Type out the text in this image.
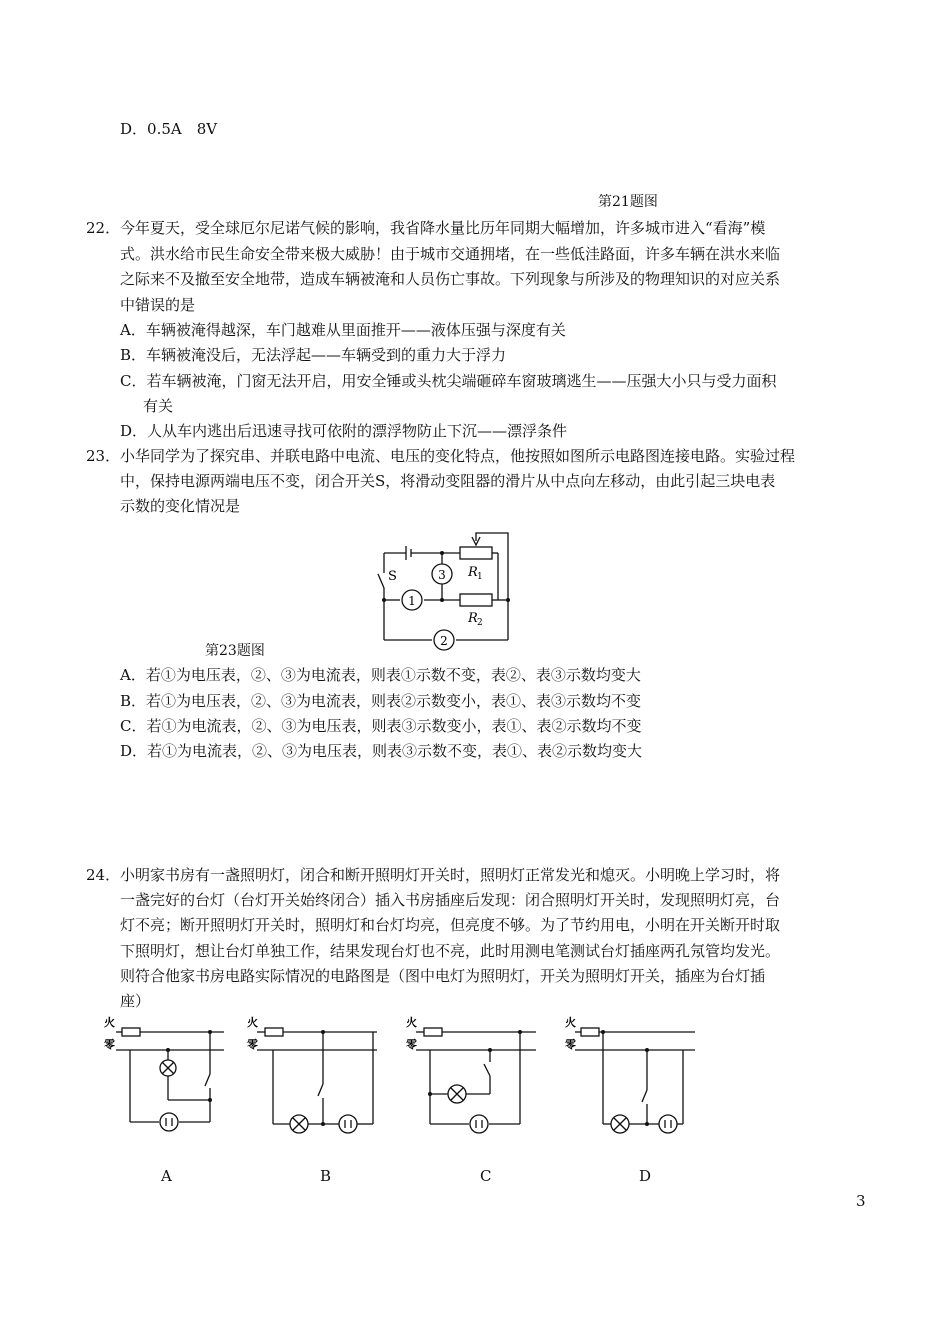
D．0.5A　8V
第21题图
22． 今年夏天，受全球厄尔尼诺气候的影响，我省降水量比历年同期大幅增加，许多城市进入“看海”模
式。洪水给市民生命安全带来极大威胁！由于城市交通拥堵，在一些低洼路面，许多车辆在洪水来临
之际来不及撤至安全地带，造成车辆被淹和人员伤亡事故。下列现象与所涉及的物理知识的对应关系
中错误的是
A．车辆被淹得越深，车门越难从里面推开——液体压强与深度有关
B．车辆被淹没后，无法浮起——车辆受到的重力大于浮力
C．若车辆被淹，门窗无法开启，用安全锤或头枕尖端砸碎车窗玻璃逃生——压强大小只与受力面积
有关
D．人从车内逃出后迅速寻找可依附的漂浮物防止下沉——漂浮条件
23． 小华同学为了探究串、并联电路中电流、电压的变化特点，他按照如图所示电路图连接电路。实验过程
中，保持电源两端电压不变，闭合开关S，将滑动变阻器的滑片从中点向左移动，由此引起三块电表
示数的变化情况是
S	3
1
2
R 1
R 2
第23题图
A．若①为电压表，②、③为电流表，则表①示数不变，表②、表③示数均变大
B．若①为电压表，②、③为电流表，则表②示数变小，表①、表③示数均不变
C．若①为电流表，②、③为电压表，则表③示数变小，表①、表②示数均不变
D．若①为电流表，②、③为电压表，则表③示数不变，表①、表②示数均变大
24． 小明家书房有一盏照明灯，闭合和断开照明灯开关时，照明灯正常发光和熄灭。小明晚上学习时，将
一盏完好的台灯（台灯开关始终闭合）插入书房插座后发现：闭合照明灯开关时，发现照明灯亮，台
灯不亮；断开照明灯开关时，照明灯和台灯均亮，但亮度不够。为了节约用电，小明在开关断开时取
下照明灯，想让台灯单独工作，结果发现台灯也不亮，此时用测电笔测试台灯插座两孔氖管均发光。
则符合他家书房电路实际情况的电路图是（图中电灯为照明灯，开关为照明灯开关，插座为台灯插
座）
火
零
A
火
零
B
火
零
C
火
零
D
3
